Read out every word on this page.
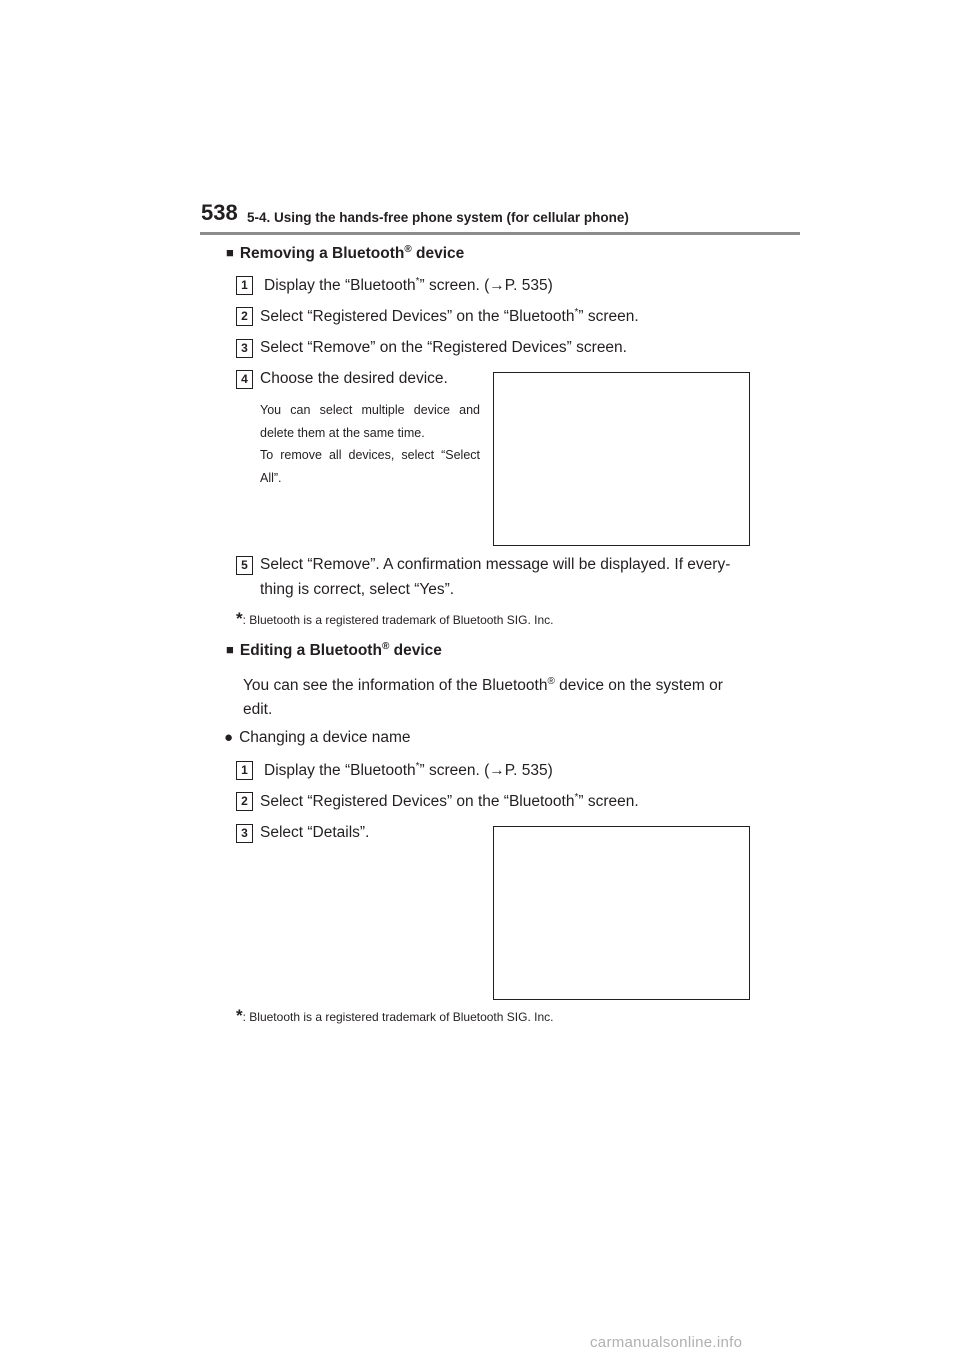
538 5-4. Using the hands-free phone system (for cellular phone)
■ Removing a Bluetooth® device
1	Display the “Bluetooth*” screen. (→P. 535)
2 Select “Registered Devices” on the “Bluetooth*” screen.
3 Select “Remove” on the “Registered Devices” screen.
4 Choose the desired device.
You can select multiple device and delete them at the same time.
To remove all devices, select “Select All”.
5 Select “Remove”. A confirmation message will be displayed. If every-
thing is correct, select “Yes”.
*: Bluetooth is a registered trademark of Bluetooth SIG. Inc.
■ Editing a Bluetooth® device
You can see the information of the Bluetooth® device on the system or edit.
● Changing a device name
1	Display the “Bluetooth*” screen. (→P. 535)
2 Select “Registered Devices” on the “Bluetooth*” screen.
3 Select “Details”.
*: Bluetooth is a registered trademark of Bluetooth SIG. Inc.
carmanualsonline.info
